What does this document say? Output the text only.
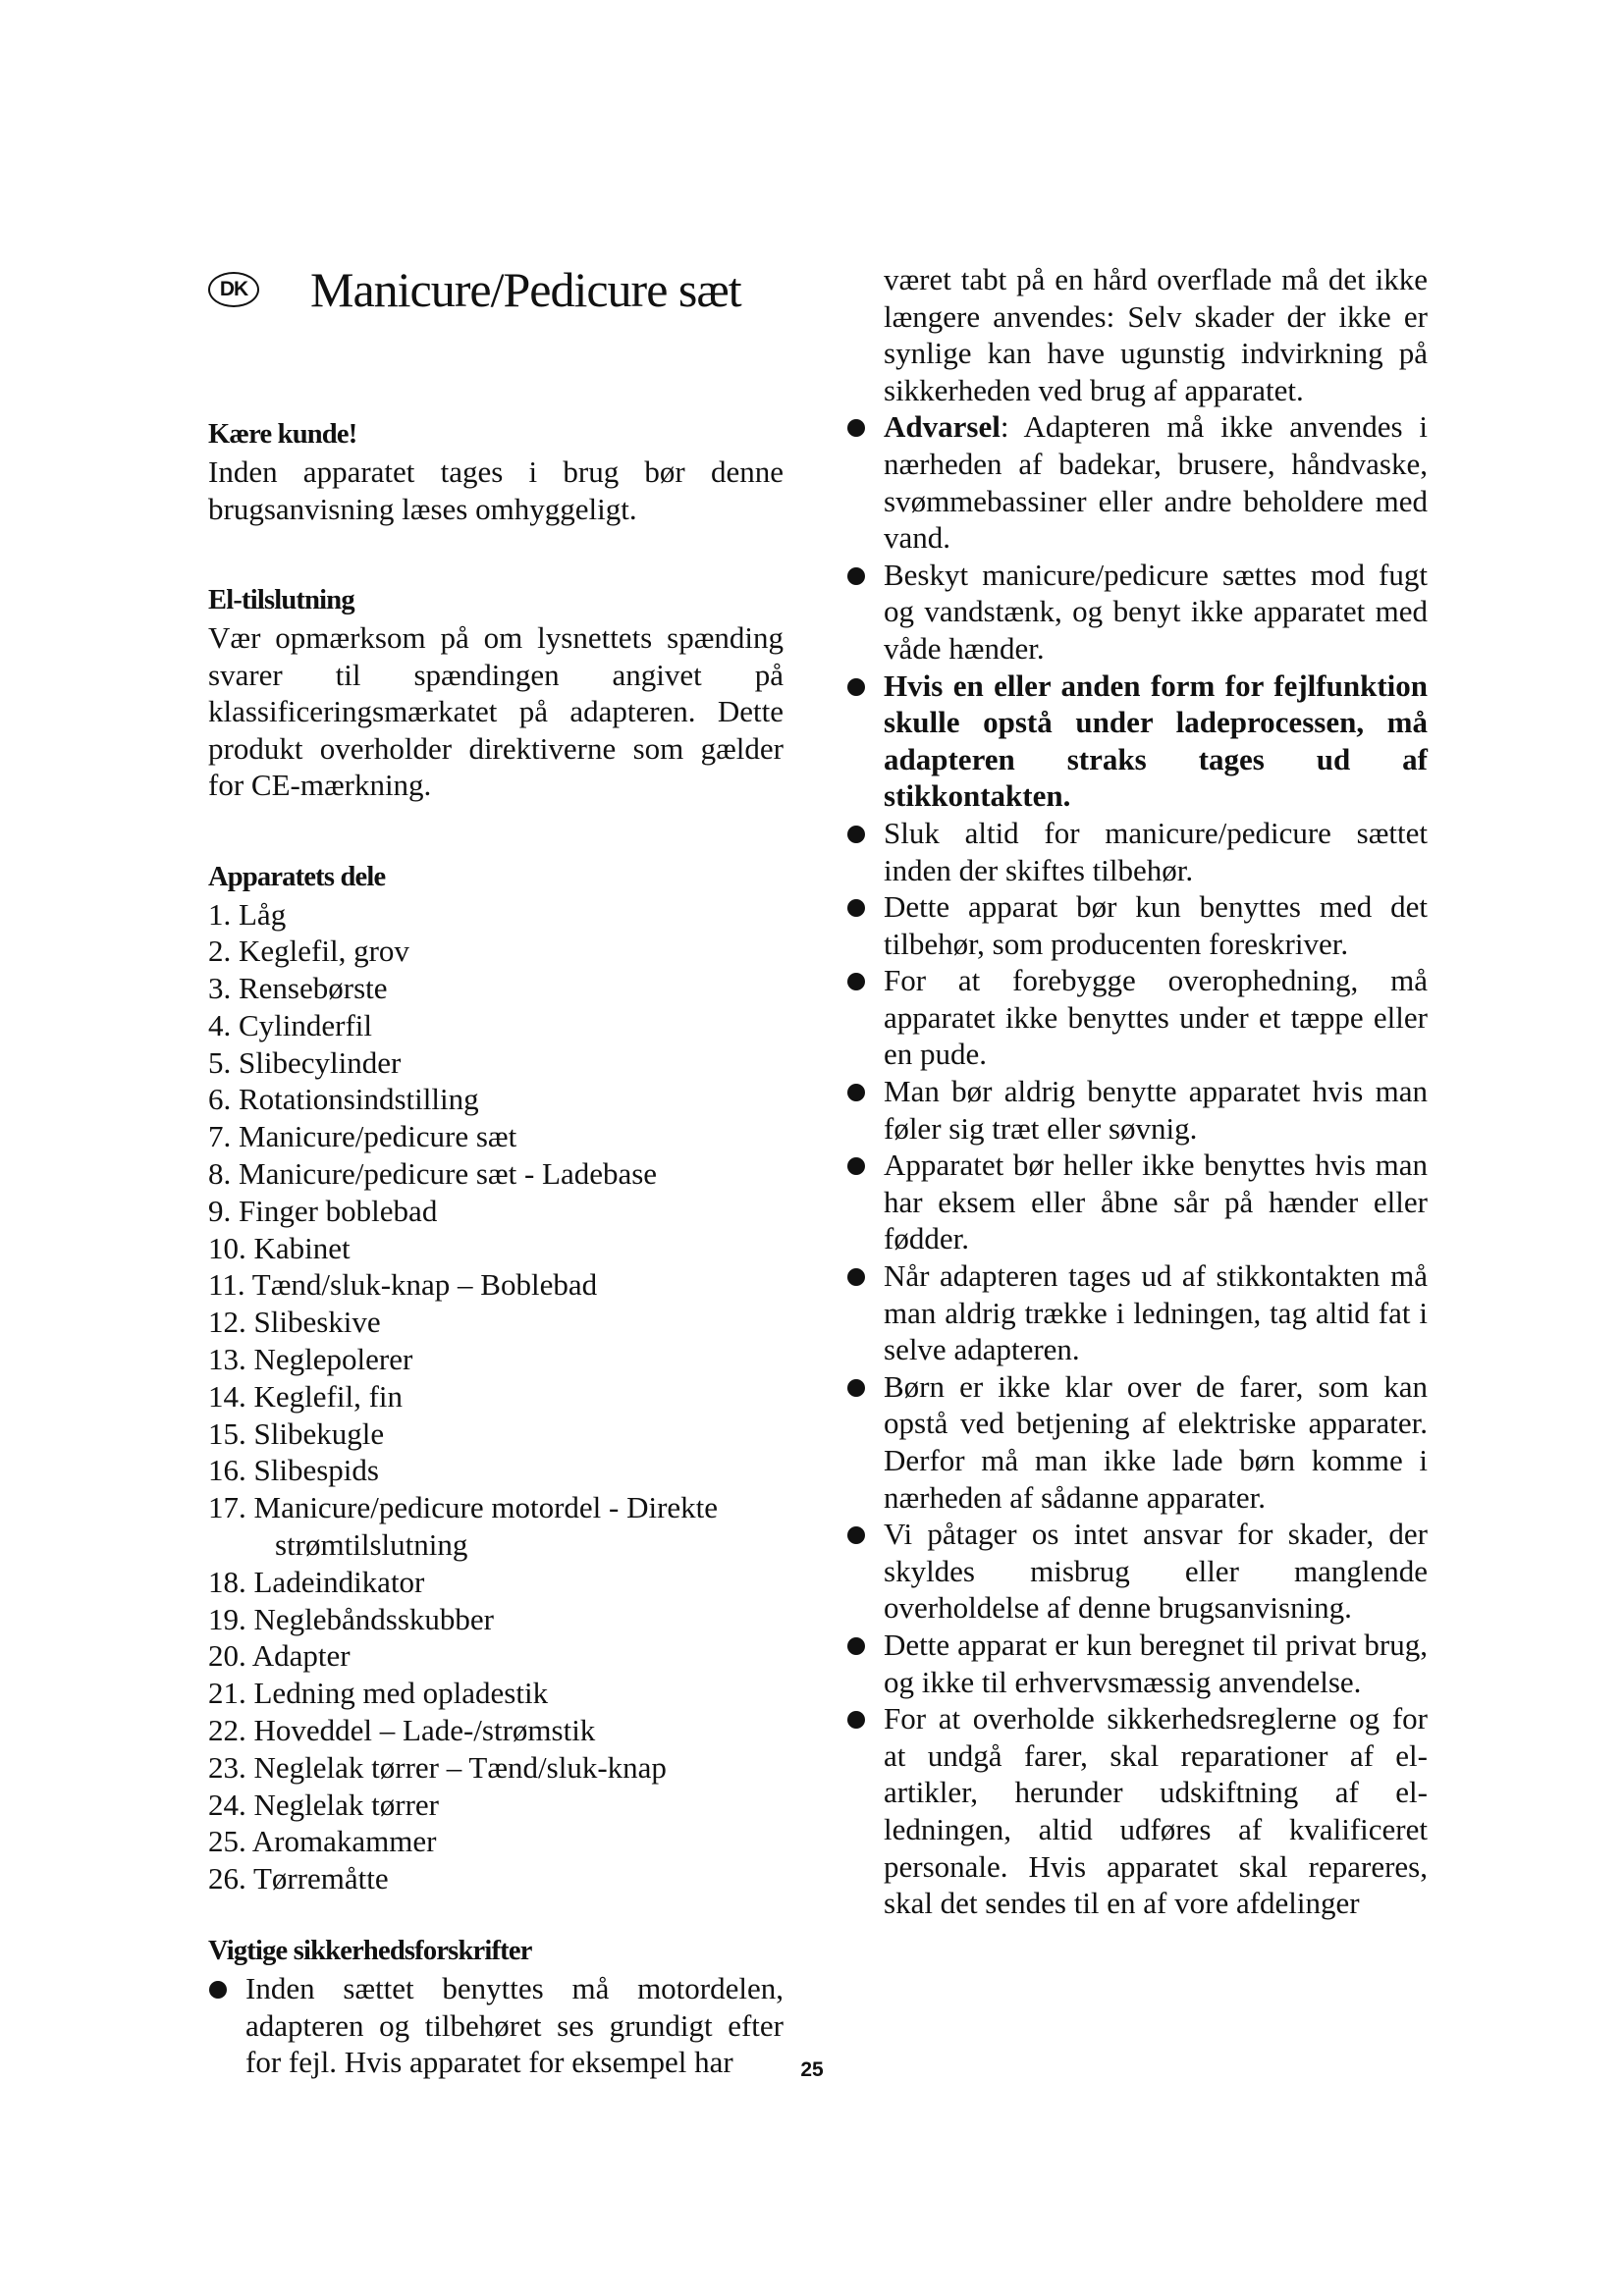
DK Manicure/Pedicure sæt
Kære kunde!
Inden apparatet tages i brug bør denne brugsanvisning læses omhyggeligt.
El-tilslutning
Vær opmærksom på om lysnettets spænding svarer til spændingen angivet på klassificeringsmærkatet på adapteren. Dette produkt overholder direktiverne som gælder for CE-mærkning.
Apparatets dele
1. Låg
2. Keglefil, grov
3. Rensebørste
4. Cylinderfil
5. Slibecylinder
6. Rotationsindstilling
7. Manicure/pedicure sæt
8. Manicure/pedicure sæt - Ladebase
9. Finger boblebad
10. Kabinet
11. Tænd/sluk-knap – Boblebad
12. Slibeskive
13. Neglepolerer
14. Keglefil, fin
15. Slibekugle
16. Slibespids
17. Manicure/pedicure motordel - Direkte
strømtilslutning
18. Ladeindikator
19. Neglebåndsskubber
20. Adapter
21. Ledning med opladestik
22. Hoveddel – Lade-/strømstik
23. Neglelak tørrer – Tænd/sluk-knap
24. Neglelak tørrer
25. Aromakammer
26. Tørremåtte
Vigtige sikkerhedsforskrifter
Inden sættet benyttes må motordelen, adapteren og tilbehøret ses grundigt efter for fejl. Hvis apparatet for eksempel har
været tabt på en hård overflade må det ikke længere anvendes: Selv skader der ikke er synlige kan have ugunstig indvirkning på sikkerheden ved brug af apparatet.
Advarsel: Adapteren må ikke anvendes i nærheden af badekar, brusere, håndvaske, svømmebassiner eller andre beholdere med vand.
Beskyt manicure/pedicure sættes mod fugt og vandstænk, og benyt ikke apparatet med våde hænder.
Hvis en eller anden form for fejlfunktion skulle opstå under ladeprocessen, må adapteren straks tages ud af stikkontakten.
Sluk altid for manicure/pedicure sættet inden der skiftes tilbehør.
Dette apparat bør kun benyttes med det tilbehør, som producenten foreskriver.
For at forebygge overophedning, må apparatet ikke benyttes under et tæppe eller en pude.
Man bør aldrig benytte apparatet hvis man føler sig træt eller søvnig.
Apparatet bør heller ikke benyttes hvis man har eksem eller åbne sår på hænder eller fødder.
Når adapteren tages ud af stikkontakten må man aldrig trække i ledningen, tag altid fat i selve adapteren.
Børn er ikke klar over de farer, som kan opstå ved betjening af elektriske apparater. Derfor må man ikke lade børn komme i nærheden af sådanne apparater.
Vi påtager os intet ansvar for skader, der skyldes misbrug eller manglende overholdelse af denne brugsanvisning.
Dette apparat er kun beregnet til privat brug, og ikke til erhvervsmæssig anvendelse.
For at overholde sikkerhedsreglerne og for at undgå farer, skal reparationer af el-artikler, herunder udskiftning af el-ledningen, altid udføres af kvalificeret personale. Hvis apparatet skal repareres, skal det sendes til en af vore afdelinger
25
